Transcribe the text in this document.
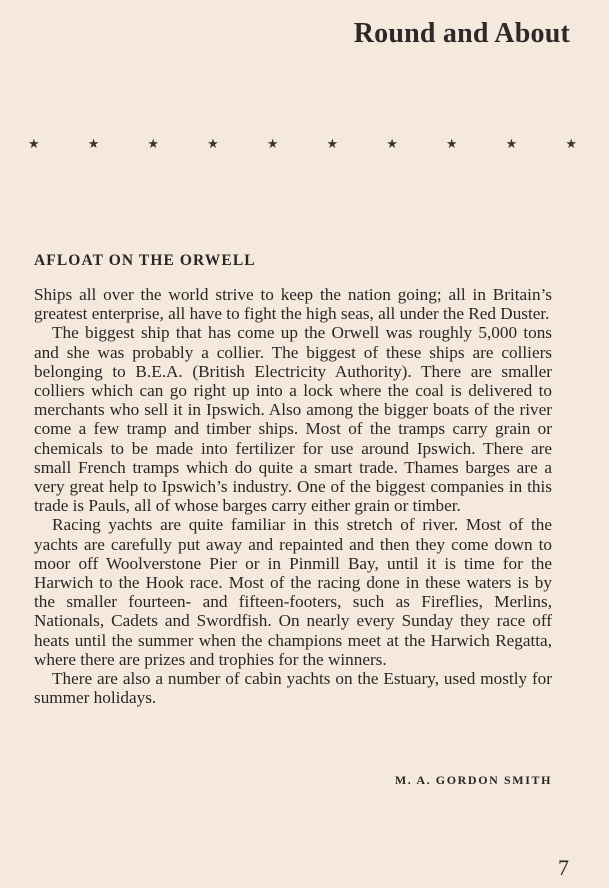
Round and About
★	★	★	★	★	★	★	★	★	★
AFLOAT ON THE ORWELL

Ships all over the world strive to keep the nation going; all in Britain’s greatest enterprise, all have to fight the high seas, all under the Red Duster.

The biggest ship that has come up the Orwell was roughly 5,000 tons and she was probably a collier. The biggest of these ships are colliers belonging to B.E.A. (British Electricity Authority). There are smaller colliers which can go right up into a lock where the coal is delivered to merchants who sell it in Ipswich. Also among the bigger boats of the river come a few tramp and timber ships. Most of the tramps carry grain or chemicals to be made into fertilizer for use around Ipswich. There are small French tramps which do quite a smart trade. Thames barges are a very great help to Ipswich’s industry. One of the biggest companies in this trade is Pauls, all of whose barges carry either grain or timber.

Racing yachts are quite familiar in this stretch of river. Most of the yachts are carefully put away and repainted and then they come down to moor off Woolverstone Pier or in Pinmill Bay, until it is time for the Harwich to the Hook race. Most of the racing done in these waters is by the smaller fourteen- and fifteen-footers, such as Fireflies, Merlins, Nationals, Cadets and Swordfish. On nearly every Sunday they race off heats until the summer when the champions meet at the Harwich Regatta, where there are prizes and trophies for the winners.

There are also a number of cabin yachts on the Estuary, used mostly for summer holidays.

M. A. GORDON SMITH
7
